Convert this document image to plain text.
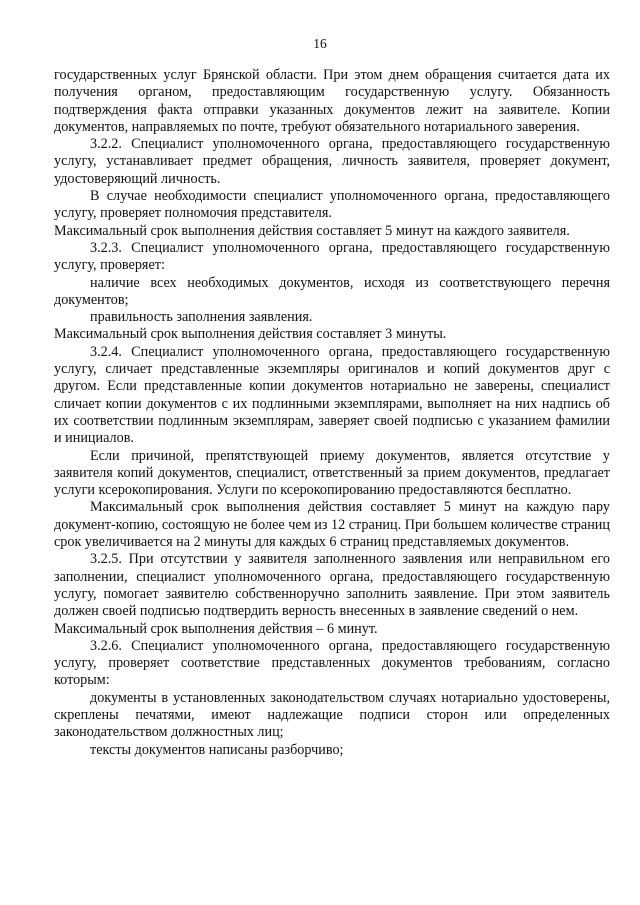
16

государственных услуг Брянской области. При этом днем обращения считается дата их получения органом, предоставляющим государственную услугу. Обязанность подтверждения факта отправки указанных документов лежит на заявителе. Копии документов, направляемых по почте, требуют обязательного нотариального заверения.

3.2.2. Специалист уполномоченного органа, предоставляющего государственную услугу, устанавливает предмет обращения, личность заявителя, проверяет документ, удостоверяющий личность.

В случае необходимости специалист уполномоченного органа, предоставляющего услугу, проверяет полномочия представителя.

Максимальный срок выполнения действия составляет 5 минут на каждого заявителя.

3.2.3. Специалист уполномоченного органа, предоставляющего государственную услугу, проверяет:

наличие всех необходимых документов, исходя из соответствующего перечня документов;

правильность заполнения заявления.

Максимальный срок выполнения действия составляет 3 минуты.

3.2.4. Специалист уполномоченного органа, предоставляющего государственную услугу, сличает представленные экземпляры оригиналов и копий документов друг с другом. Если представленные копии документов нотариально не заверены, специалист сличает копии документов с их подлинными экземплярами, выполняет на них надпись об их соответствии подлинным экземплярам, заверяет своей подписью с указанием фамилии и инициалов.

Если причиной, препятствующей приему документов, является отсутствие у заявителя копий документов, специалист, ответственный за прием документов, предлагает услуги ксерокопирования. Услуги по ксерокопированию предоставляются бесплатно.

Максимальный срок выполнения действия составляет 5 минут на каждую пару документ-копию, состоящую не более чем из 12 страниц. При большем количестве страниц срок увеличивается на 2 минуты для каждых 6 страниц представляемых документов.

3.2.5. При отсутствии у заявителя заполненного заявления или неправильном его заполнении, специалист уполномоченного органа, предоставляющего государственную услугу, помогает заявителю собственноручно заполнить заявление. При этом заявитель должен своей подписью подтвердить верность внесенных в заявление сведений о нем.

Максимальный срок выполнения действия – 6 минут.

3.2.6. Специалист уполномоченного органа, предоставляющего государственную услугу, проверяет соответствие представленных документов требованиям, согласно которым:

документы в установленных законодательством случаях нотариально удостоверены, скреплены печатями, имеют надлежащие подписи сторон или определенных законодательством должностных лиц;

тексты документов написаны разборчиво;
